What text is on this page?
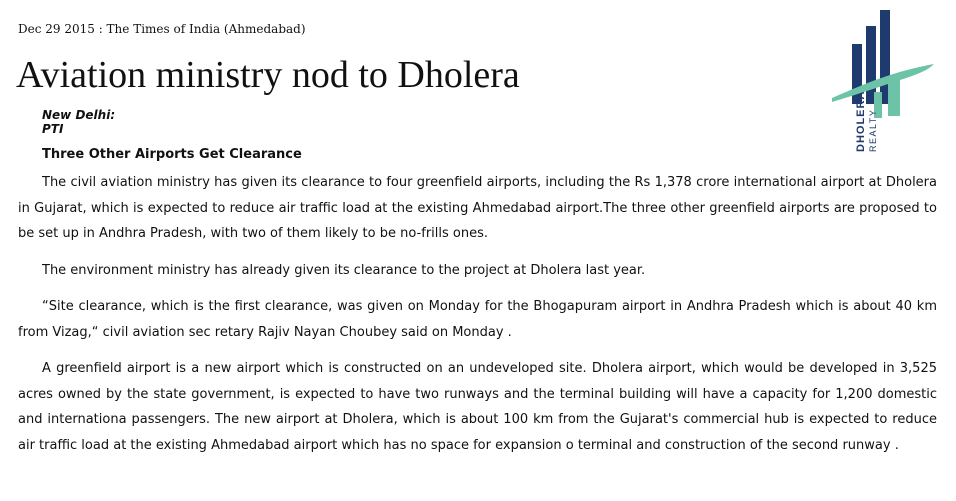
Dec 29 2015 : The Times of India (Ahmedabad)
Aviation ministry nod to Dholera
New Delhi:
PTI
Three Other Airports Get Clearance

The civil aviation ministry has given its clearance to four greenfield airports, including the Rs 1,378 crore international airport at Dholera in Gujarat, which is expected to reduce air traffic load at the existing Ahmedabad airport.The three other greenfield airports are proposed to be set up in Andhra Pradesh, with two of them likely to be no-frills ones.

The environment ministry has already given its clearance to the project at Dholera last year.

“Site clearance, which is the first clearance, was given on Monday for the Bhogapuram airport in Andhra Pradesh which is about 40 km from Vizag,“ civil aviation sec retary Rajiv Nayan Choubey said on Monday .

A greenfield airport is a new airport which is constructed on an undeveloped site. Dholera airport, which would be developed in 3,525 acres owned by the state government, is expected to have two runways and the terminal building will have a capacity for 1,200 domestic and internationa passengers. The new airport at Dholera, which is about 100 km from the Gujarat's commercial hub is expected to reduce air traffic load at the existing Ahmedabad airport which has no space for expansion o terminal and construction of the second runway .

DHOLERA REALTY
